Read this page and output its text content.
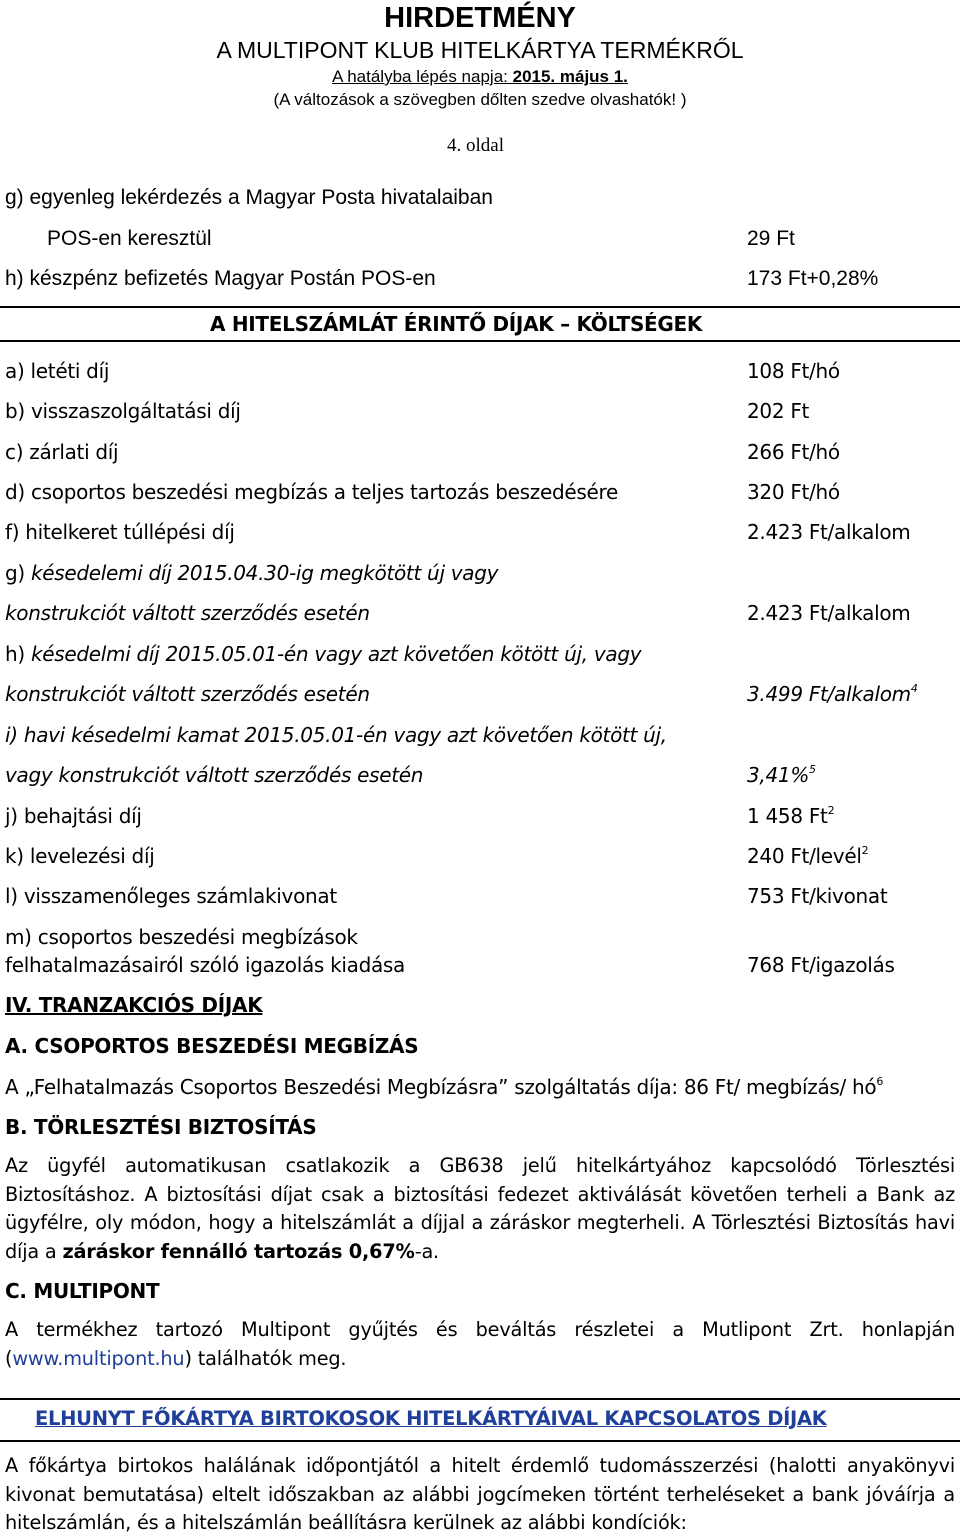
HIRDETMÉNY
A MULTIPONT KLUB HITELKÁRTYA TERMÉKRŐL
A hatályba lépés napja: 2015. május 1.
(A változások a szövegben dőlten szedve olvashatók! )
4. oldal
g) egyenleg lekérdezés a Magyar Posta hivatalaiban
POS-en keresztül	29 Ft
h) készpénz befizetés Magyar Postán POS-en	173 Ft+0,28%
A HITELSZÁMLÁT ÉRINTŐ DÍJAK – KÖLTSÉGEK
a) letéti díj	108 Ft/hó
b) visszaszolgáltatási díj	202 Ft
c) zárlati díj	266 Ft/hó
d) csoportos beszedési megbízás a teljes tartozás beszedésére	320 Ft/hó
f) hitelkeret túllépési díj	2.423 Ft/alkalom
g) késedelemi díj 2015.04.30-ig megkötött új vagy
konstrukciót váltott szerződés esetén	2.423 Ft/alkalom
h) késedelmi díj 2015.05.01-én vagy azt követően kötött új, vagy
konstrukciót váltott szerződés esetén	3.499 Ft/alkalom$^4$
i) havi késedelmi kamat 2015.05.01-én vagy azt követően kötött új,
vagy konstrukciót váltott szerződés esetén	3,41%$^5$
j) behajtási díj	1 458 Ft$^2$
k) levelezési díj	240 Ft/levél$^2$
l) visszamenőleges számlakivonat	753 Ft/kivonat
m) csoportos beszedési megbízások
felhatalmazásairól szóló igazolás kiadása	768 Ft/igazolás
IV. TRANZAKCIÓS DÍJAK
A. CSOPORTOS BESZEDÉSI MEGBÍZÁS
A „Felhatalmazás Csoportos Beszedési Megbízásra” szolgáltatás díja: 86 Ft/ megbízás/ $hó^6$
B. TÖRLESZTÉSI BIZTOSÍTÁS
Az ügyfél automatikusan csatlakozik a GB638 jelű hitelkártyához kapcsolódó Törlesztési Biztosításhoz. A biztosítási díjat csak a biztosítási fedezet aktiválását követően terheli a Bank az ügyfélre, oly módon, hogy a hitelszámlát a díjjal a záráskor megterheli. A Törlesztési Biztosítás havi díja a záráskor fennálló tartozás 0,67%-a.
C. MULTIPONT
A termékhez tartozó Multipont gyűjtés és beváltás részletei a Mutlipont Zrt. honlapján (www.multipont.hu) találhatók meg.
ELHUNYT FŐKÁRTYA BIRTOKOSOK HITELKÁRTYÁIVAL KAPCSOLATOS DÍJAK
A főkártya birtokos halálának időpontjától a hitelt érdemlő tudomásszerzési (halotti anyakönyvi kivonat bemutatása) eltelt időszakban az alábbi jogcímeken történt terheléseket a bank jóváírja a hitelszámlán, és a hitelszámlán beállításra kerülnek az alábbi kondíciók:
